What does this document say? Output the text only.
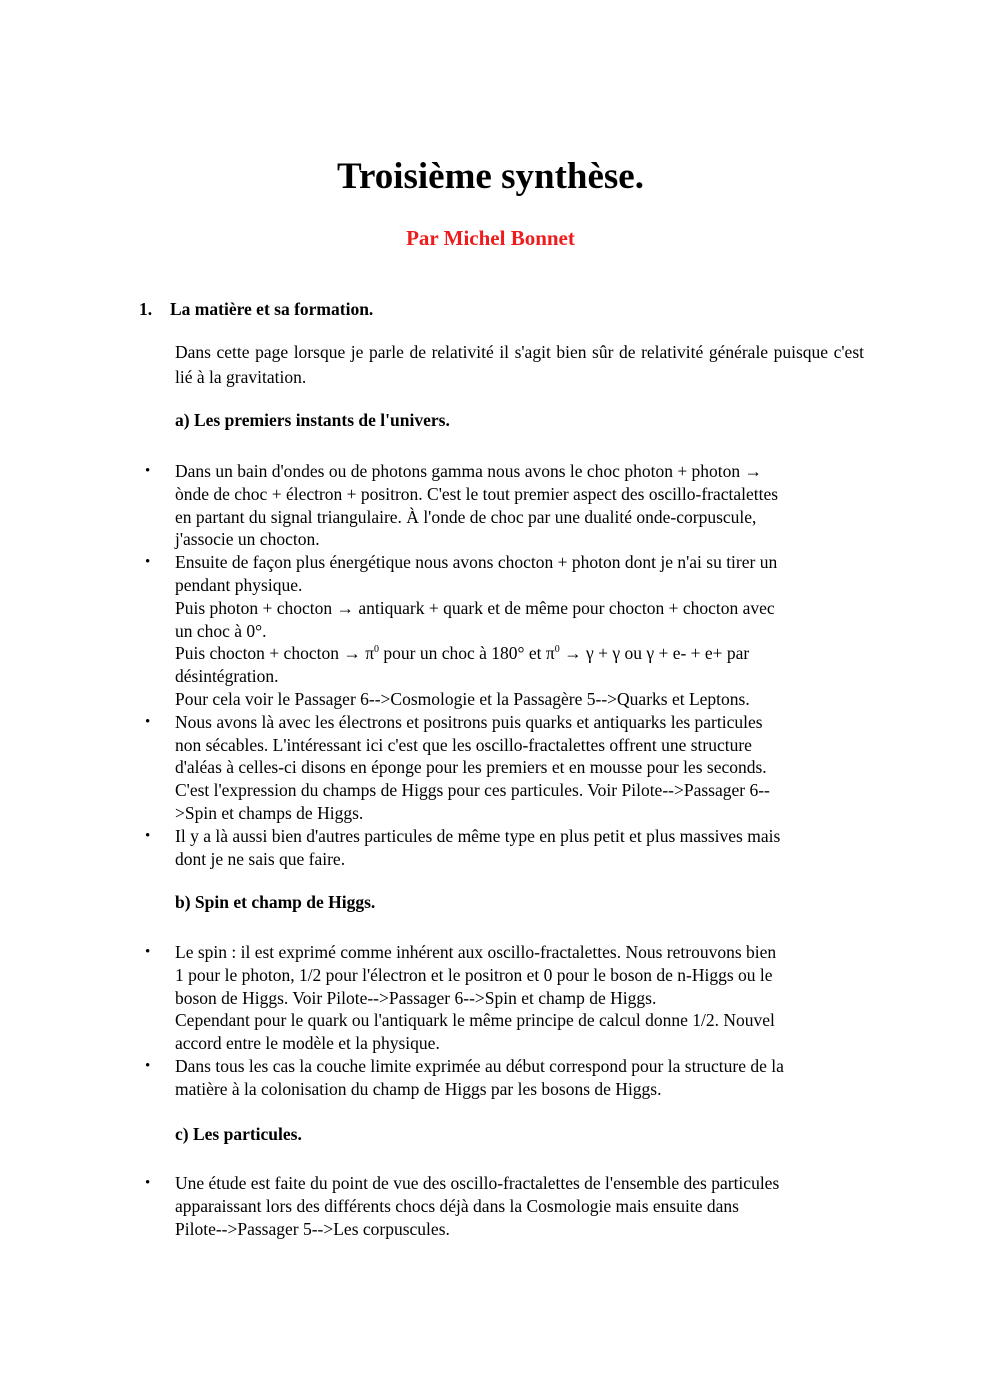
Troisième synthèse.
Par Michel Bonnet
1. La matière et sa formation.
Dans cette page lorsque je parle de relativité il s'agit bien sûr de relativité générale puisque c'est lié à la gravitation.
a) Les premiers instants de l'univers.
• Dans un bain d'ondes ou de photons gamma nous avons le choc photon + photon →
ònde de choc + électron + positron. C'est le tout premier aspect des oscillo-fractalettes
en partant du signal triangulaire. À l'onde de choc par une dualité onde-corpuscule,
j'associe un chocton.
• Ensuite de façon plus énergétique nous avons chocton + photon dont je n'ai su tirer un
pendant physique.
Puis photon + chocton → antiquark + quark et de même pour chocton + chocton avec
un choc à 0°.
Puis chocton + chocton → $\pi^0$ pour un choc à 180° et $\pi^0 \to \gamma + \gamma$ ou γ + e- + e+ par
désintégration.
Pour cela voir le Passager 6-->Cosmologie et la Passagère 5-->Quarks et Leptons.
• Nous avons là avec les électrons et positrons puis quarks et antiquarks les particules
non sécables. L'intéressant ici c'est que les oscillo-fractalettes offrent une structure
d'aléas à celles-ci disons en éponge pour les premiers et en mousse pour les seconds.
C'est l'expression du champs de Higgs pour ces particules. Voir Pilote-->Passager 6--
>Spin et champs de Higgs.
• Il y a là aussi bien d'autres particules de même type en plus petit et plus massives mais
dont je ne sais que faire.
b) Spin et champ de Higgs.
• Le spin : il est exprimé comme inhérent aux oscillo-fractalettes. Nous retrouvons bien
1 pour le photon, 1/2 pour l'électron et le positron et 0 pour le boson de n-Higgs ou le
boson de Higgs. Voir Pilote-->Passager 6-->Spin et champ de Higgs.
Cependant pour le quark ou l'antiquark le même principe de calcul donne 1/2. Nouvel
accord entre le modèle et la physique.
• Dans tous les cas la couche limite exprimée au début correspond pour la structure de la
matière à la colonisation du champ de Higgs par les bosons de Higgs.
c) Les particules.
• Une étude est faite du point de vue des oscillo-fractalettes de l'ensemble des particules
apparaissant lors des différents chocs déjà dans la Cosmologie mais ensuite dans
Pilote-->Passager 5-->Les corpuscules.
